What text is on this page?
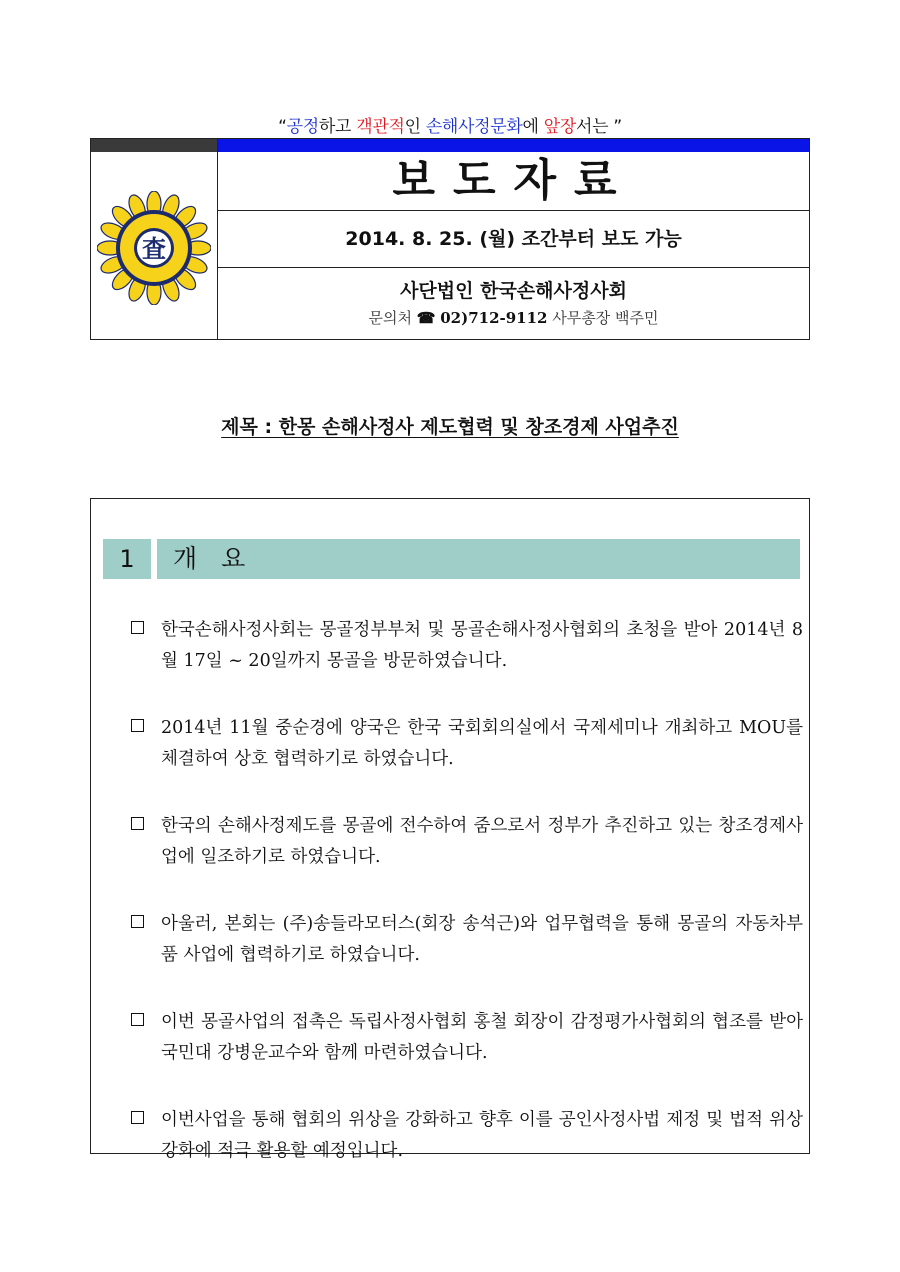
“공정하고 객관적인 손해사정문화에 앞장서는 ”
査
보도자료
2014. 8. 25. (월) 조간부터 보도 가능
사단법인 한국손해사정사회
문의처 ☎ 02)712-9112 사무총장 백주민
제목 : 한몽 손해사정사 제도협력 및 창조경제 사업추진
1	개 요
한국손해사정사회는 몽골정부부처 및 몽골손해사정사협회의 초청을 받아 2014년 8월 17일 ~ 20일까지 몽골을 방문하였습니다.
2014년 11월 중순경에 양국은 한국 국회회의실에서 국제세미나 개최하고 MOU를 체결하여 상호 협력하기로 하였습니다.
한국의 손해사정제도를 몽골에 전수하여 줌으로서 정부가 추진하고 있는 창조경제사업에 일조하기로 하였습니다.
아울러, 본회는 (주)송들라모터스(회장 송석근)와 업무협력을 통해 몽골의 자동차부품 사업에 협력하기로 하였습니다.
이번 몽골사업의 접촉은 독립사정사협회 홍철 회장이 감정평가사협회의 협조를 받아 국민대 강병운교수와 함께 마련하였습니다.
이번사업을 통해 협회의 위상을 강화하고 향후 이를 공인사정사법 제정 및 법적 위상강화에 적극 활용할 예정입니다.
